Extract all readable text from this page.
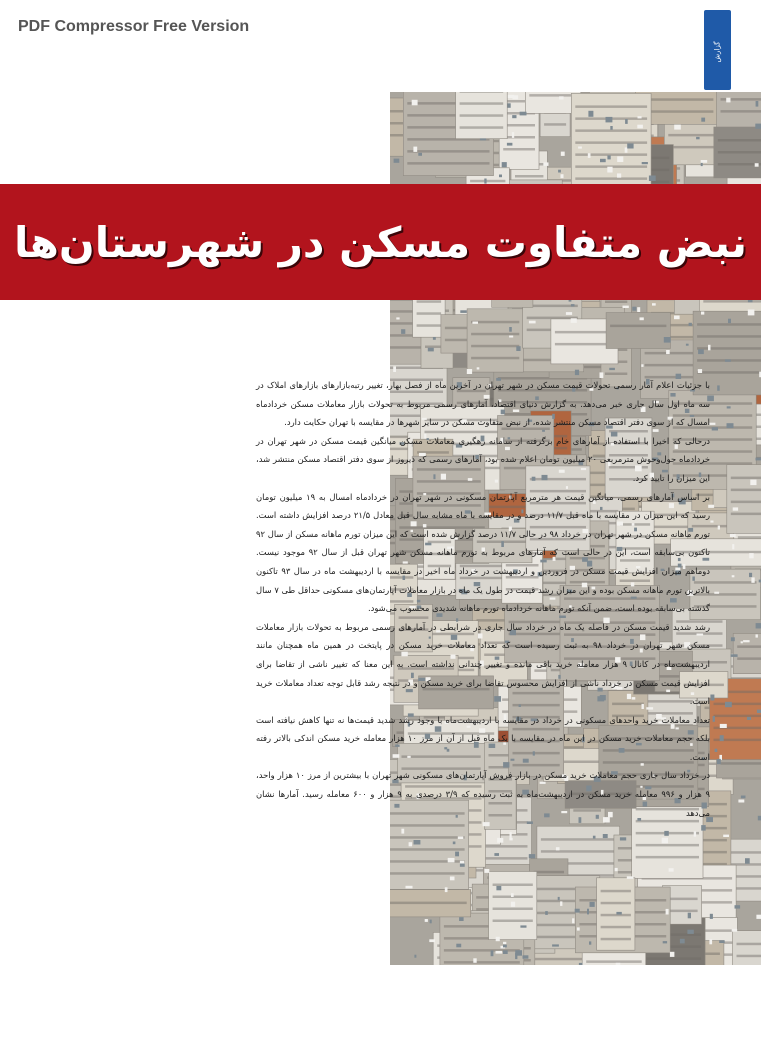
PDF Compressor Free Version
گزارش
نبض متفاوت مسکن در شهرستان‌ها

با جزئیات اعلام آمار رسمی تحولات قیمت مسکن در شهر تهران در آخرین ماه از فصل بهار، تغییر رتبه‌بازارهای بازارهای املاک در سه ماه اول سال جاری خبر می‌دهد. به گزارش دنیای اقتصاد، آمارهای رسمی مربوط به تحولات بازار معاملات مسکن خردادماه امسال که از سوی دفتر اقتصاد مسکن منتشر شده، از نبض متفاوت مسکن در سایر شهرها در مقایسه با تهران حکایت دارد.

درحالی که اخیرا با استفاده از آمارهای خام برگرفته از سامانه رهگیری معاملات مسکن میانگین قیمت مسکن در شهر تهران در خردادماه حول‌وحوش مترمربعی ۲۰ میلیون تومان اعلام شده بود، آمارهای رسمی که دیروز از سوی دفتر اقتصاد مسکن منتشر شد، این میزان را تایید کرد.

بر اساس آمارهای رسمی، میانگین قیمت هر مترمربع آپارتمان مسکونی در شهر تهران در خردادماه امسال به ۱۹ میلیون تومان رسید که این میزان در مقایسه با ماه قبل ۱۱/۷ درصد و در مقایسه با ماه مشابه سال قبل معادل ۲۱/۵ درصد افزایش داشته است. تورم ماهانه مسکن در شهر تهران در خرداد ۹۸ در حالی ۱۱/۷ درصد گزارش شده است که این میزان تورم ماهانه مسکن از سال ۹۲ تاکنون بی‌سابقه است، این در حالی است که آمارهای مربوط به تورم ماهانه مسکن شهر تهران قبل از سال ۹۲ موجود نیست. دوماهم میزان افزایش قیمت مسکن در فروردین و اردیبهشت در خرداد ماه اخیر در مقایسه با اردیبهشت ماه در سال ۹۳ تاکنون بالاترین تورم ماهانه مسکن بوده و این میزان رشد قیمت در طول یک ماه در بازار معاملات آپارتمان‌های مسکونی حداقل طی ۷ سال گذشته بی‌سابقه بوده است، ضمن آنکه تورم ماهانه خردادماه تورم ماهانه شدیدی محسوب می‌شود.

رشد شدید قیمت مسکن در فاصله یک ماه در خرداد سال جاری در شرایطی در آمارهای رسمی مربوط به تحولات بازار معاملات مسکن شهر تهران در خرداد ۹۸ به ثبت رسیده است که تعداد معاملات خرید مسکن در پایتخت در همین ماه همچنان مانند اردیبهشت‌ماه در کانال ۹ هزار معامله خرید باقی مانده و تغییر چندانی نداشته است. به این معنا که تغییر ناشی از تقاضا برای افزایش قیمت مسکن در خرداد ناشی از افزایش محسوس تقاضا برای خرید مسکن و در نتیجه رشد قابل توجه تعداد معاملات خرید است.

تعداد معاملات خرید واحدهای مسکونی در خرداد در مقایسه با اردیبهشت‌ماه با وجود رشد شدید قیمت‌ها نه تنها کاهش نیافته است بلکه حجم معاملات خرید مسکن در این ماه در مقایسه با یک ماه قبل از آن از مرز ۱۰ هزار معامله خرید مسکن اندکی بالاتر رفته است.

در خرداد سال جاری حجم معاملات خرید مسکن در بازار فروش آپارتمان‌های مسکونی شهر تهران با بیشترین از مرز ۱۰ هزار واحد، ۹ هزار و ۹۹۶ معامله خرید مسکن در اردیبهشت‌ماه به ثبت رسیده که ۳/۹ درصدی به ۹ هزار و ۶۰۰ معامله رسید. آمارها نشان می‌دهد
